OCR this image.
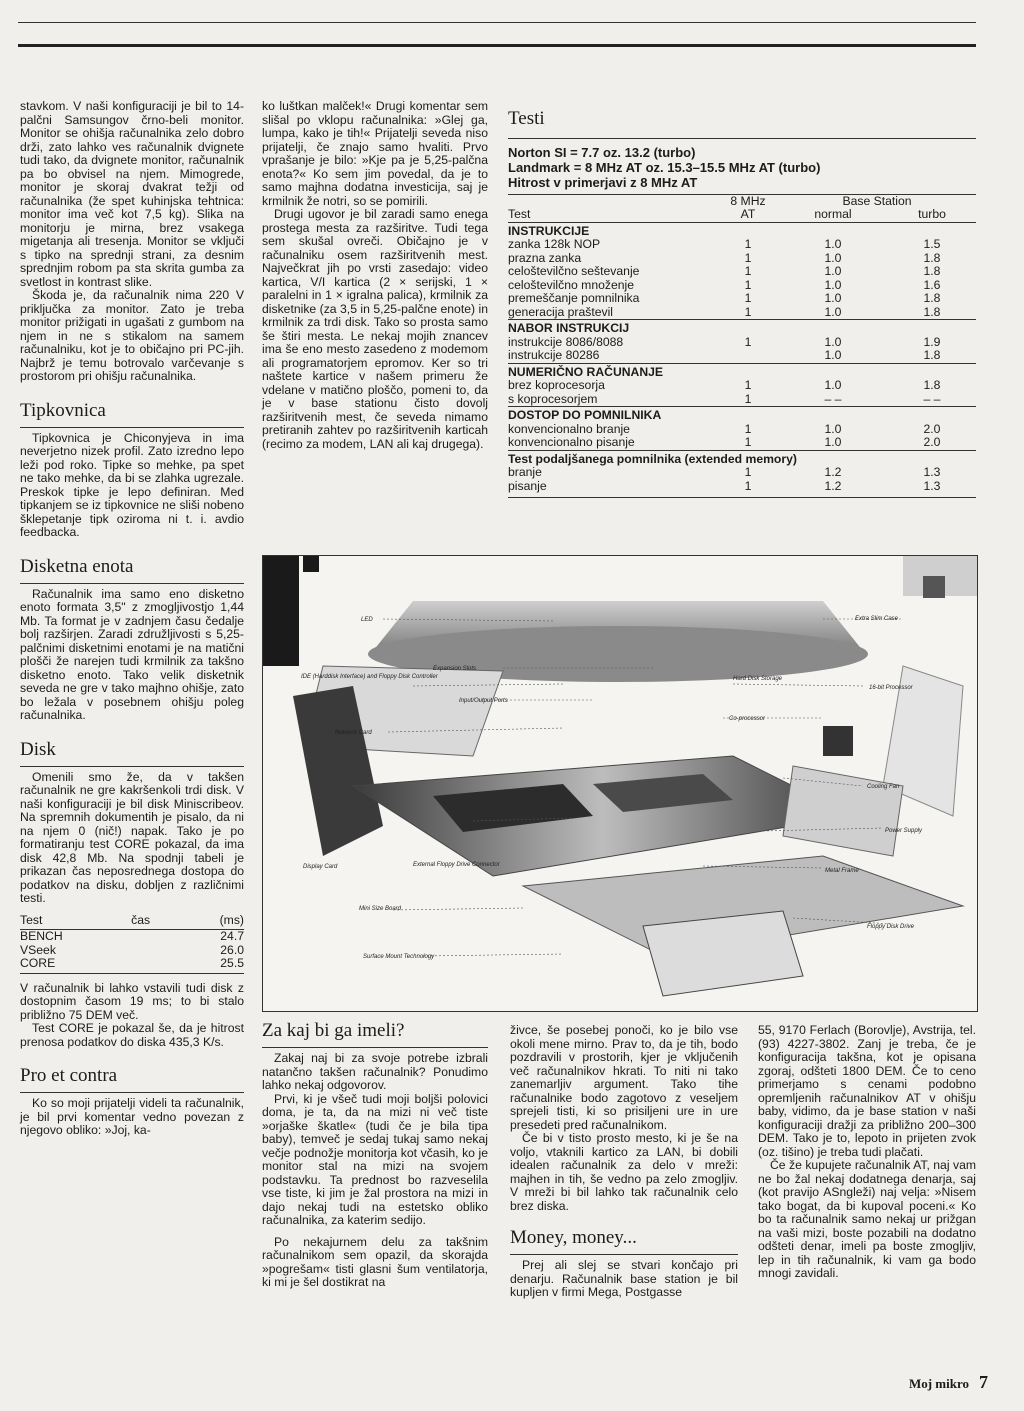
stavkom. V naši konfiguraciji je bil to 14-palčni Samsungov črno-beli monitor. Monitor se ohišja računalnika zelo dobro drži, zato lahko ves računalnik dvignete tudi tako, da dvignete monitor, računalnik pa bo obvisel na njem. Mimogrede, monitor je skoraj dvakrat težji od računalnika (že spet kuhinjska tehtnica: monitor ima več kot 7,5 kg). Slika na monitorju je mirna, brez vsakega migetanja ali tresenja. Monitor se vključi s tipko na sprednji strani, za desnim sprednjim robom pa sta skrita gumba za svetlost in kontrast slike.

Škoda je, da računalnik nima 220 V priključka za monitor. Zato je treba monitor prižigati in ugašati z gumbom na njem in ne s stikalom na samem računalniku, kot je to običajno pri PC-jih. Najbrž je temu botrovalo varčevanje s prostorom pri ohišju računalnika.

Tipkovnica

Tipkovnica je Chiconyjeva in ima neverjetno nizek profil. Zato izredno lepo leži pod roko. Tipke so mehke, pa spet ne tako mehke, da bi se zlahka ugrezale. Preskok tipke je lepo definiran. Med tipkanjem se iz tipkovnice ne sliši nobeno šklepetanje tipk oziroma ni t. i. avdio feedbacka.

Disketna enota

Računalnik ima samo eno disketno enoto formata 3,5" z zmogljivostjo 1,44 Mb. Ta format je v zadnjem času čedalje bolj razširjen. Zaradi združljivosti s 5,25-palčnimi disketnimi enotami je na matični plošči že narejen tudi krmilnik za takšno disketno enoto. Tako velik disketnik seveda ne gre v tako majhno ohišje, zato bo ležala v posebnem ohišju poleg računalnika.

Disk

Omenili smo že, da v takšen računalnik ne gre kakršenkoli trdi disk. V naši konfiguraciji je bil disk Miniscribeov. Na spremnih dokumentih je pisalo, da ni na njem 0 (nič!) napak. Tako je po formatiranju test CORE pokazal, da ima disk 42,8 Mb. Na spodnji tabeli je prikazan čas neposrednega dostopa do podatkov na disku, dobljen z različnimi testi.

Test	čas	(ms)
BENCH		24.7
VSeek		26.0
CORE		25.5

V računalnik bi lahko vstavili tudi disk z dostopnim časom 19 ms; to bi stalo približno 75 DEM več.

Test CORE je pokazal še, da je hitrost prenosa podatkov do diska 435,3 K/s.

Pro et contra

Ko so moji prijatelji videli ta računalnik, je bil prvi komentar vedno povezan z njegovo obliko: »Joj, ka-

ko luštkan malček!« Drugi komentar sem slišal po vklopu računalnika: »Glej ga, lumpa, kako je tih!« Prijatelji seveda niso prijatelji, če znajo samo hvaliti. Prvo vprašanje je bilo: »Kje pa je 5,25-palčna enota?« Ko sem jim povedal, da je to samo majhna dodatna investicija, saj je krmilnik že notri, so se pomirili.

Drugi ugovor je bil zaradi samo enega prostega mesta za razširitve. Tudi tega sem skušal ovreči. Običajno je v računalniku osem razširitvenih mest. Največkrat jih po vrsti zasedajo: video kartica, V/I kartica (2 × serijski, 1 × paralelni in 1 × igralna palica), krmilnik za disketnike (za 3,5 in 5,25-palčne enote) in krmilnik za trdi disk. Tako so prosta samo še štiri mesta. Le nekaj mojih znancev ima še eno mesto zasedeno z modemom ali programatorjem epromov. Ker so tri naštete kartice v našem primeru že vdelane v matično ploščo, pomeni to, da je v base stationu čisto dovolj razširitvenih mest, če seveda nimamo pretiranih zahtev po razširitvenih karticah (recimo za modem, LAN ali kaj drugega).

Testi
Norton SI = 7.7 oz. 13.2 (turbo)
Landmark = 8 MHz AT oz. 15.3–15.5 MHz AT (turbo)
Hitrost v primerjavi z 8 MHz AT
	8 MHz	Base Station	
Test	AT	normal	turbo
INSTRUKCIJE			
zanka 128k NOP	1	1.0	1.5
prazna zanka	1	1.0	1.8
celoštevilčno seštevanje	1	1.0	1.8
celoštevilčno množenje	1	1.0	1.6
premeščanje pomnilnika	1	1.0	1.8
generacija praštevil	1	1.0	1.8
NABOR INSTRUKCIJ			
instrukcije 8086/8088	1	1.0	1.9
instrukcije 80286		1.0	1.8
NUMERIČNO RAČUNANJE			
brez koprocesorja	1	1.0	1.8
s koprocesorjem	1	– –	– –
DOSTOP DO POMNILNIKA			
konvencionalno branje	1	1.0	2.0
konvencionalno pisanje	1	1.0	2.0
Test podaljšanega pomnilnika (extended memory)			
branje	1	1.2	1.3
pisanje	1	1.2	1.3
LED	Extra Slim Case
Expansion Slots
IDE (Harddisk Interface) and Floppy Disk Controller	Hard Disk Storage
16-bit Processor
Input/Output Ports
Network Card
Co-processor
Cooling Fan
Power Supply
Display Card	External Floppy Drive Connector
Metal Frame
Mini Size Board
Floppy Disk Drive
Surface Mount Technology
Za kaj bi ga imeli?

Zakaj naj bi za svoje potrebe izbrali natančno takšen računalnik? Ponudimo lahko nekaj odgovorov.

Prvi, ki je všeč tudi moji boljši polovici doma, je ta, da na mizi ni več tiste »orjaške škatle« (tudi če je bila tipa baby), temveč je sedaj tukaj samo nekaj večje podnožje monitorja kot včasih, ko je monitor stal na mizi na svojem podstavku. Ta prednost bo razveselila vse tiste, ki jim je žal prostora na mizi in dajo nekaj tudi na estetsko obliko računalnika, za katerim sedijo.

Po nekajurnem delu za takšnim računalnikom sem opazil, da skorajda »pogrešam« tisti glasni šum ventilatorja, ki mi je šel dostikrat na

živce, še posebej ponoči, ko je bilo vse okoli mene mirno. Prav to, da je tih, bodo pozdravili v prostorih, kjer je vključenih več računalnikov hkrati. To niti ni tako zanemarljiv argument. Tako tihe računalnike bodo zagotovo z veseljem sprejeli tisti, ki so prisiljeni ure in ure presedeti pred računalnikom.

Če bi v tisto prosto mesto, ki je še na voljo, vtaknili kartico za LAN, bi dobili idealen računalnik za delo v mreži: majhen in tih, še vedno pa zelo zmogljiv. V mreži bi bil lahko tak računalnik celo brez diska.

Money, money...

Prej ali slej se stvari končajo pri denarju. Računalnik base station je bil kupljen v firmi Mega, Postgasse

55, 9170 Ferlach (Borovlje), Avstrija, tel. (93) 4227-3802. Zanj je treba, če je konfiguracija takšna, kot je opisana zgoraj, odšteti 1800 DEM. Če to ceno primerjamo s cenami podobno opremljenih računalnikov AT v ohišju baby, vidimo, da je base station v naši konfiguraciji dražji za približno 200–300 DEM. Tako je to, lepoto in prijeten zvok (oz. tišino) je treba tudi plačati.

Če že kupujete računalnik AT, naj vam ne bo žal nekaj dodatnega denarja, saj (kot pravijo ASngleži) naj velja: »Nisem tako bogat, da bi kupoval poceni.« Ko bo ta računalnik samo nekaj ur prižgan na vaši mizi, boste pozabili na dodatno odšteti denar, imeli pa boste zmogljiv, lep in tih računalnik, ki vam ga bodo mnogi zavidali.

Moj mikro 7
